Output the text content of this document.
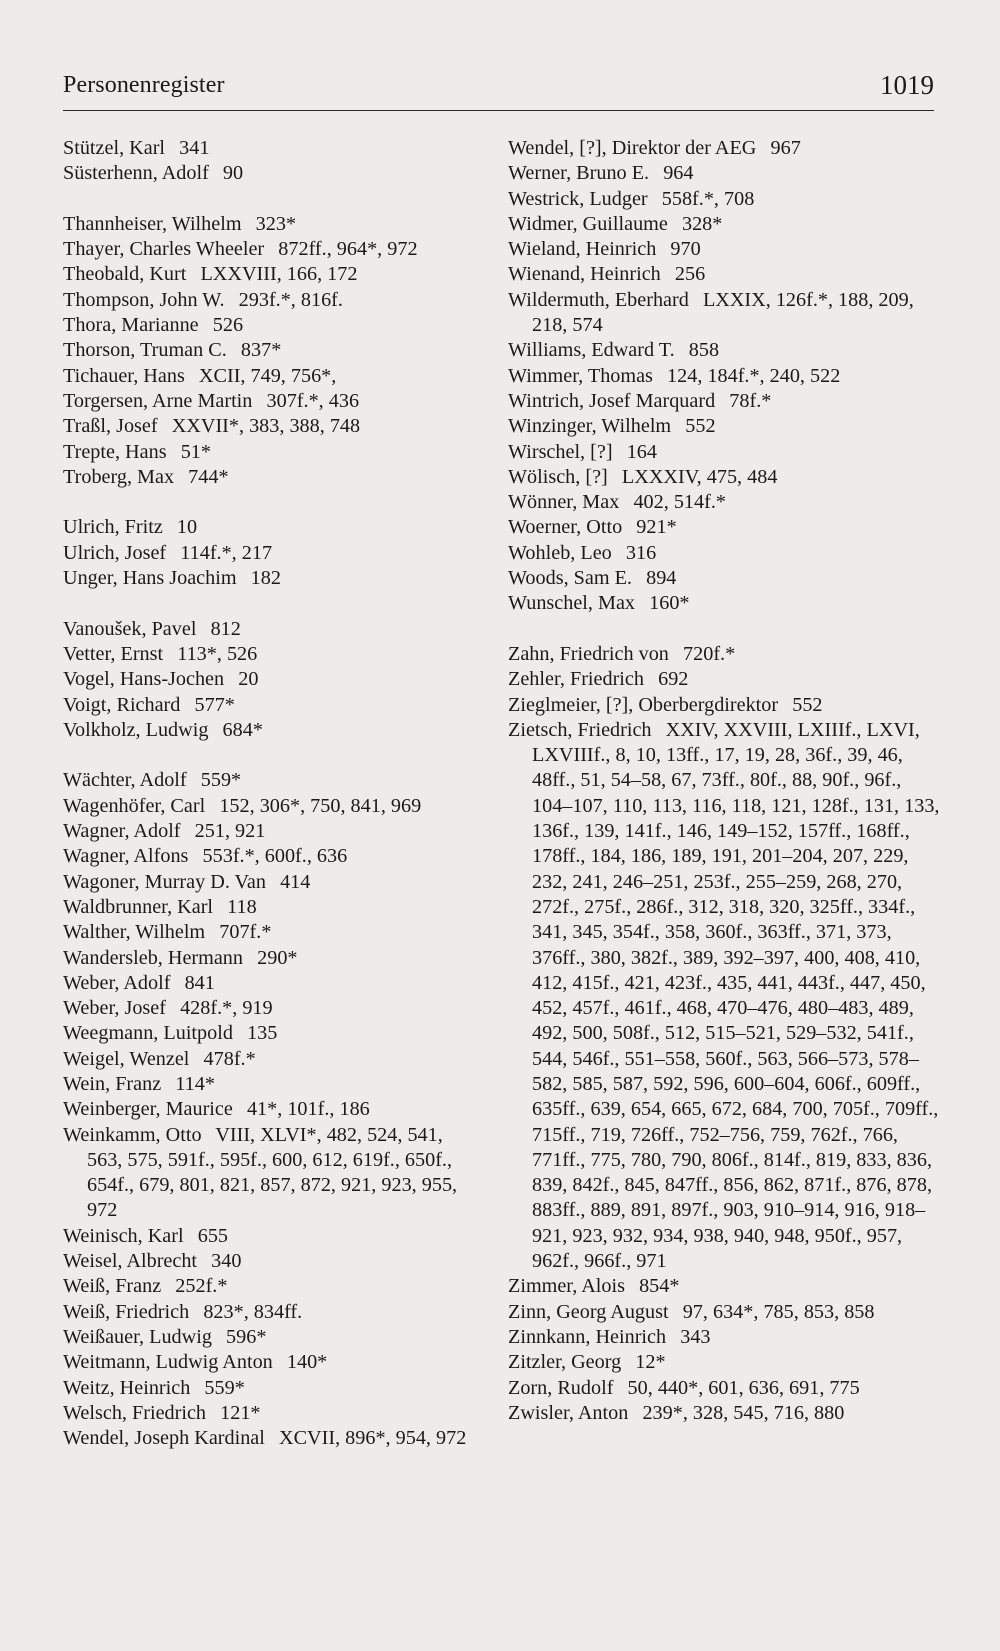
Personenregister	1019
Stützel, Karl 341
Süsterhenn, Adolf 90
Thannheiser, Wilhelm 323*
Thayer, Charles Wheeler 872ff., 964*, 972
Theobald, Kurt LXXVIII, 166, 172
Thompson, John W. 293f.*, 816f.
Thora, Marianne 526
Thorson, Truman C. 837*
Tichauer, Hans XCII, 749, 756*,
Torgersen, Arne Martin 307f.*, 436
Traßl, Josef XXVII*, 383, 388, 748
Trepte, Hans 51*
Troberg, Max 744*
Ulrich, Fritz 10
Ulrich, Josef 114f.*, 217
Unger, Hans Joachim 182
Vanoušek, Pavel 812
Vetter, Ernst 113*, 526
Vogel, Hans-Jochen 20
Voigt, Richard 577*
Volkholz, Ludwig 684*
Wächter, Adolf 559*
Wagenhöfer, Carl 152, 306*, 750, 841, 969
Wagner, Adolf 251, 921
Wagner, Alfons 553f.*, 600f., 636
Wagoner, Murray D. Van 414
Waldbrunner, Karl 118
Walther, Wilhelm 707f.*
Wandersleb, Hermann 290*
Weber, Adolf 841
Weber, Josef 428f.*, 919
Weegmann, Luitpold 135
Weigel, Wenzel 478f.*
Wein, Franz 114*
Weinberger, Maurice 41*, 101f., 186
Weinkamm, Otto VIII, XLVI*, 482, 524, 541, 563, 575, 591f., 595f., 600, 612, 619f., 650f., 654f., 679, 801, 821, 857, 872, 921, 923, 955, 972
Weinisch, Karl 655
Weisel, Albrecht 340
Weiß, Franz 252f.*
Weiß, Friedrich 823*, 834ff.
Weißauer, Ludwig 596*
Weitmann, Ludwig Anton 140*
Weitz, Heinrich 559*
Welsch, Friedrich 121*
Wendel, Joseph Kardinal XCVII, 896*, 954, 972
Wendel, [?], Direktor der AEG 967
Werner, Bruno E. 964
Westrick, Ludger 558f.*, 708
Widmer, Guillaume 328*
Wieland, Heinrich 970
Wienand, Heinrich 256
Wildermuth, Eberhard LXXIX, 126f.*, 188, 209, 218, 574
Williams, Edward T. 858
Wimmer, Thomas 124, 184f.*, 240, 522
Wintrich, Josef Marquard 78f.*
Winzinger, Wilhelm 552
Wirschel, [?] 164
Wölisch, [?] LXXXIV, 475, 484
Wönner, Max 402, 514f.*
Woerner, Otto 921*
Wohleb, Leo 316
Woods, Sam E. 894
Wunschel, Max 160*
Zahn, Friedrich von 720f.*
Zehler, Friedrich 692
Zieglmeier, [?], Oberbergdirektor 552
Zietsch, Friedrich XXIV, XXVIII, LXIIIf., LXVI, LXVIIIf., 8, 10, 13ff., 17, 19, 28, 36f., 39, 46, 48ff., 51, 54–58, 67, 73ff., 80f., 88, 90f., 96f., 104–107, 110, 113, 116, 118, 121, 128f., 131, 133, 136f., 139, 141f., 146, 149–152, 157ff., 168ff., 178ff., 184, 186, 189, 191, 201–204, 207, 229, 232, 241, 246–251, 253f., 255–259, 268, 270, 272f., 275f., 286f., 312, 318, 320, 325ff., 334f., 341, 345, 354f., 358, 360f., 363ff., 371, 373, 376ff., 380, 382f., 389, 392–397, 400, 408, 410, 412, 415f., 421, 423f., 435, 441, 443f., 447, 450, 452, 457f., 461f., 468, 470–476, 480–483, 489, 492, 500, 508f., 512, 515–521, 529–532, 541f., 544, 546f., 551–558, 560f., 563, 566–573, 578–582, 585, 587, 592, 596, 600–604, 606f., 609ff., 635ff., 639, 654, 665, 672, 684, 700, 705f., 709ff., 715ff., 719, 726ff., 752–756, 759, 762f., 766, 771ff., 775, 780, 790, 806f., 814f., 819, 833, 836, 839, 842f., 845, 847ff., 856, 862, 871f., 876, 878, 883ff., 889, 891, 897f., 903, 910–914, 916, 918–921, 923, 932, 934, 938, 940, 948, 950f., 957, 962f., 966f., 971
Zimmer, Alois 854*
Zinn, Georg August 97, 634*, 785, 853, 858
Zinnkann, Heinrich 343
Zitzler, Georg 12*
Zorn, Rudolf 50, 440*, 601, 636, 691, 775
Zwisler, Anton 239*, 328, 545, 716, 880
